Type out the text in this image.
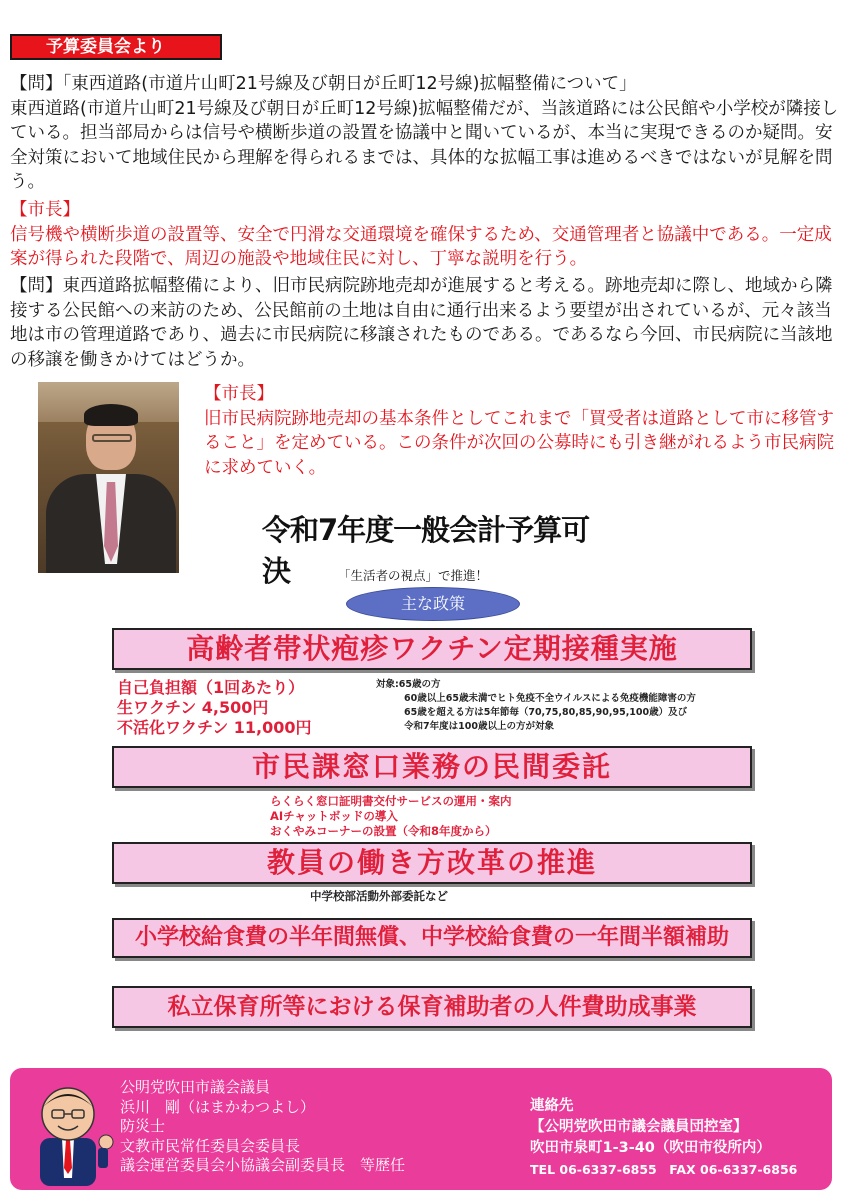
予算委員会より
【問】「東西道路(市道片山町21号線及び朝日が丘町12号線)拡幅整備について」
東西道路(市道片山町21号線及び朝日が丘町12号線)拡幅整備だが、当該道路には公民館や小学校が隣接している。担当部局からは信号や横断歩道の設置を協議中と聞いているが、本当に実現できるのか疑問。安全対策において地域住民から理解を得られるまでは、具体的な拡幅工事は進めるべきではないが見解を問う。
【市長】
信号機や横断歩道の設置等、安全で円滑な交通環境を確保するため、交通管理者と協議中である。一定成案が得られた段階で、周辺の施設や地域住民に対し、丁寧な説明を行う。
【問】東西道路拡幅整備により、旧市民病院跡地売却が進展すると考える。跡地売却に際し、地域から隣接する公民館への来訪のため、公民館前の土地は自由に通行出来るよう要望が出されているが、元々該当地は市の管理道路であり、過去に市民病院に移譲されたものである。であるなら今回、市民病院に当該地の移譲を働きかけてはどうか。
【市長】
旧市民病院跡地売却の基本条件としてこれまで「買受者は道路として市に移管すること」を定めている。この条件が次回の公募時にも引き継がれるよう市民病院に求めていく。
令和7年度一般会計予算可決	「生活者の視点」で推進！
主な政策
高齢者帯状疱疹ワクチン定期接種実施
自己負担額（1回あたり）
生ワクチン 4,500円
不活化ワクチン 11,000円
対象:65歳の方
60歳以上65歳未満でヒト免疫不全ウイルスによる免疫機能障害の方
65歳を超える方は5年節毎（70,75,80,85,90,95,100歳）及び
令和7年度は100歳以上の方が対象
市民課窓口業務の民間委託
らくらく窓口証明書交付サービスの運用・案内
AIチャットボッドの導入
おくやみコーナーの設置（令和8年度から）
教員の働き方改革の推進
中学校部活動外部委託など
小学校給食費の半年間無償、中学校給食費の一年間半額補助
私立保育所等における保育補助者の人件費助成事業
公明党吹田市議会議員
浜川　剛（はまかわつよし）
防災士
文教市民常任委員会委員長
議会運営委員会小協議会副委員長　等歴任
連絡先
【公明党吹田市議会議員団控室】
吹田市泉町1-3-40（吹田市役所内）
TEL 06-6337-6855　FAX 06-6337-6856
